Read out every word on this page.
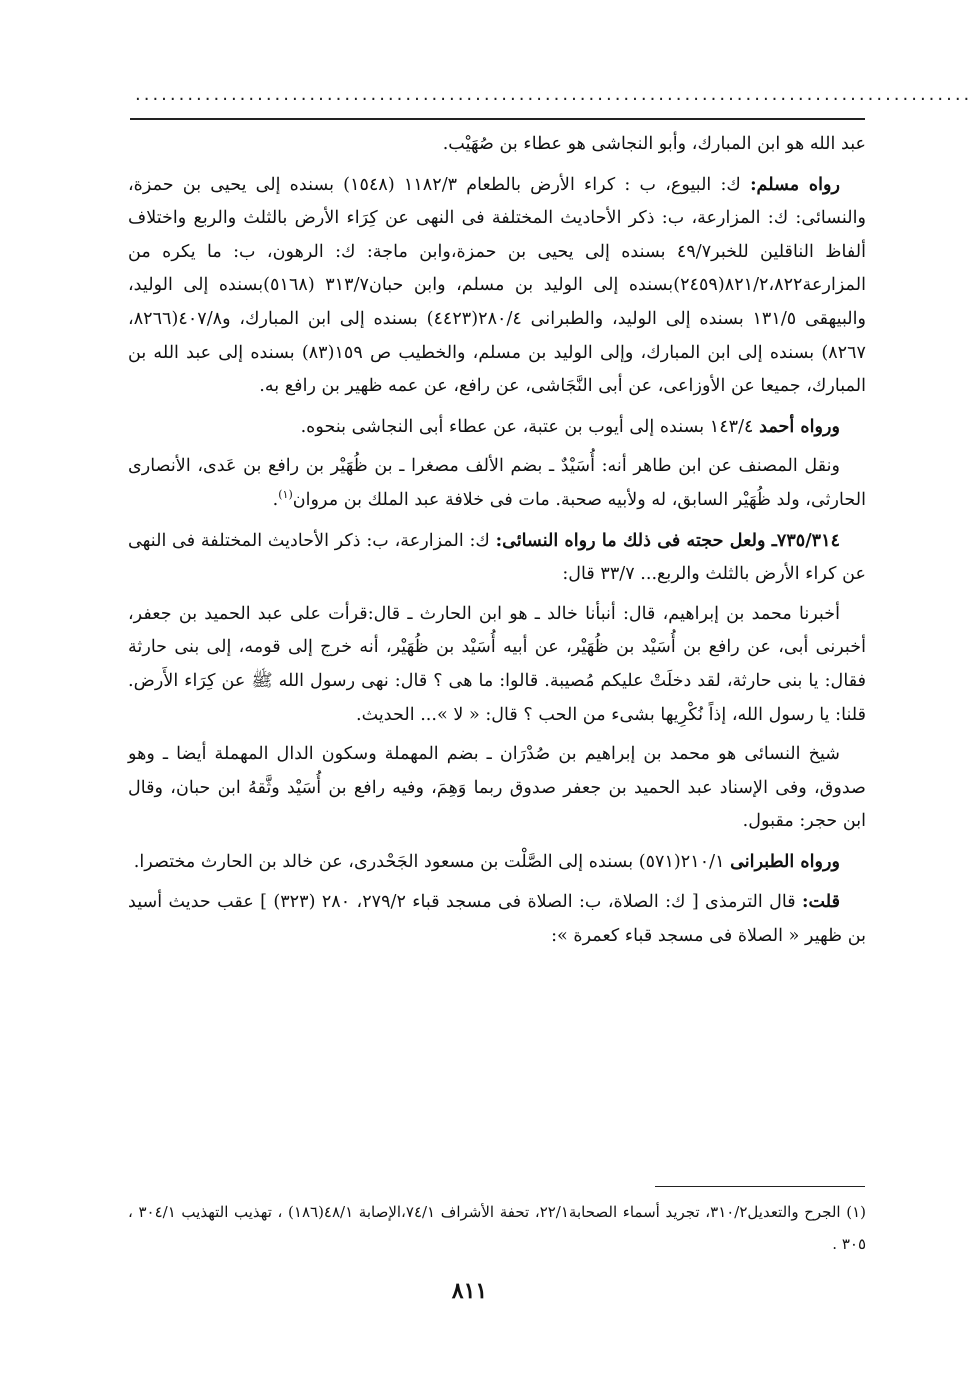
................................................................................................

عبد الله هو ابن المبارك، وأبو النجاشى هو عطاء بن صُهَيْب.

رواه مسلم: ك: البيوع، ب : كراء الأرض بالطعام ١١٨٢/٣ (١٥٤٨) بسنده إلى يحيى بن حمزة، والنسائى: ك: المزارعة، ب: ذكر الأحاديث المختلفة فى النهى عن كِرَاء الأرض بالثلث والربع واختلاف ألفاظ الناقلين للخبر٤٩/٧ بسنده إلى يحيى بن حمزة،وابن ماجة: ك: الرهون، ب: ما يكره من المزارعة٨٢١/٢،٨٢٢(٢٤٥٩)بسنده إلى الوليد بن مسلم، وابن حبان٣١٣/٧ (٥١٦٨)بسنده إلى الوليد، والبيهقى ١٣١/٥ بسنده إلى الوليد، والطبرانى ٢٨٠/٤(٤٤٢٣) بسنده إلى ابن المبارك، و٤٠٧/٨(٨٢٦٦، ٨٢٦٧) بسنده إلى ابن المبارك، وإلى الوليد بن مسلم، والخطيب ص ١٥٩(٨٣) بسنده إلى عبد الله بن المبارك، جميعا عن الأوزاعى، عن أبى النَّجَاشى، عن رافع، عن عمه ظهير بن رافع به.

ورواه أحمد ١٤٣/٤ بسنده إلى أيوب بن عتبة، عن عطاء أبى النجاشى بنحوه.

ونقل المصنف عن ابن طاهر أنه: أُسَيْدٌ ـ بضم الألف مصغرا ـ بن ظُهَيْر بن رافع بن عَدى، الأنصارى الحارثى، ولد ظُهَيْر السابق، له ولأبيه صحبة. مات فى خلافة عبد الملك بن مروان$^{(١)}$.

٧٣٥/٣١٤ـ ولعل حجته فى ذلك ما رواه النسائى: ك: المزارعة، ب: ذكر الأحاديث المختلفة فى النهى عن كراء الأرض بالثلث والربع... ٣٣/٧ قال:

أخبرنا محمد بن إبراهيم، قال: أنبأنا خالد ـ هو ابن الحارث ـ قال:قرأت على عبد الحميد بن جعفر، أخبرنى أبى، عن رافع بن أُسَيْد بن ظُهَيْر، عن أبيه أُسَيْد بن ظُهَيْر، أنه خرج إلى قومه، إلى بنى حارثة فقال: يا بنى حارثة، لقد دخلَتْ عليكم مُصيبة. قالوا: ما هى ؟ قال: نهى رسول الله ﷺ عن كِرَاء الأَرض. قلنا: يا رسول الله، إذاً نُكْرِيها بشىء من الحب ؟ قال: « لا »... الحديث.

شيخ النسائى هو محمد بن إبراهيم بن صُدْرَان ـ بضم المهملة وسكون الدال المهملة أيضا ـ وهو صدوق، وفى الإسناد عبد الحميد بن جعفر صدوق ربما وَهِمَ، وفيه رافع بن أُسَيْد وثَّقهُ ابن حبان، وقال ابن حجر: مقبول.

ورواه الطبرانى ٢١٠/١(٥٧١) بسنده إلى الصَّلْت بن مسعود الجَحْدرى، عن خالد بن الحارث مختصرا.

قلت: قال الترمذى [ ك: الصلاة، ب: الصلاة فى مسجد قباء ٢٧٩/٢، ٢٨٠ (٣٢٣) ] عقب حديث أسيد بن ظهير « الصلاة فى مسجد قباء كعمرة »:

(١) الجرح والتعديل٣١٠/٢، تجريد أسماء الصحابة٢٢/١، تحفة الأشراف ٧٤/١،الإصابة ٤٨/١(١٨٦) ، تهذيب التهذيب ٣٠٤/١ ، ٣٠٥ .
٨١١
